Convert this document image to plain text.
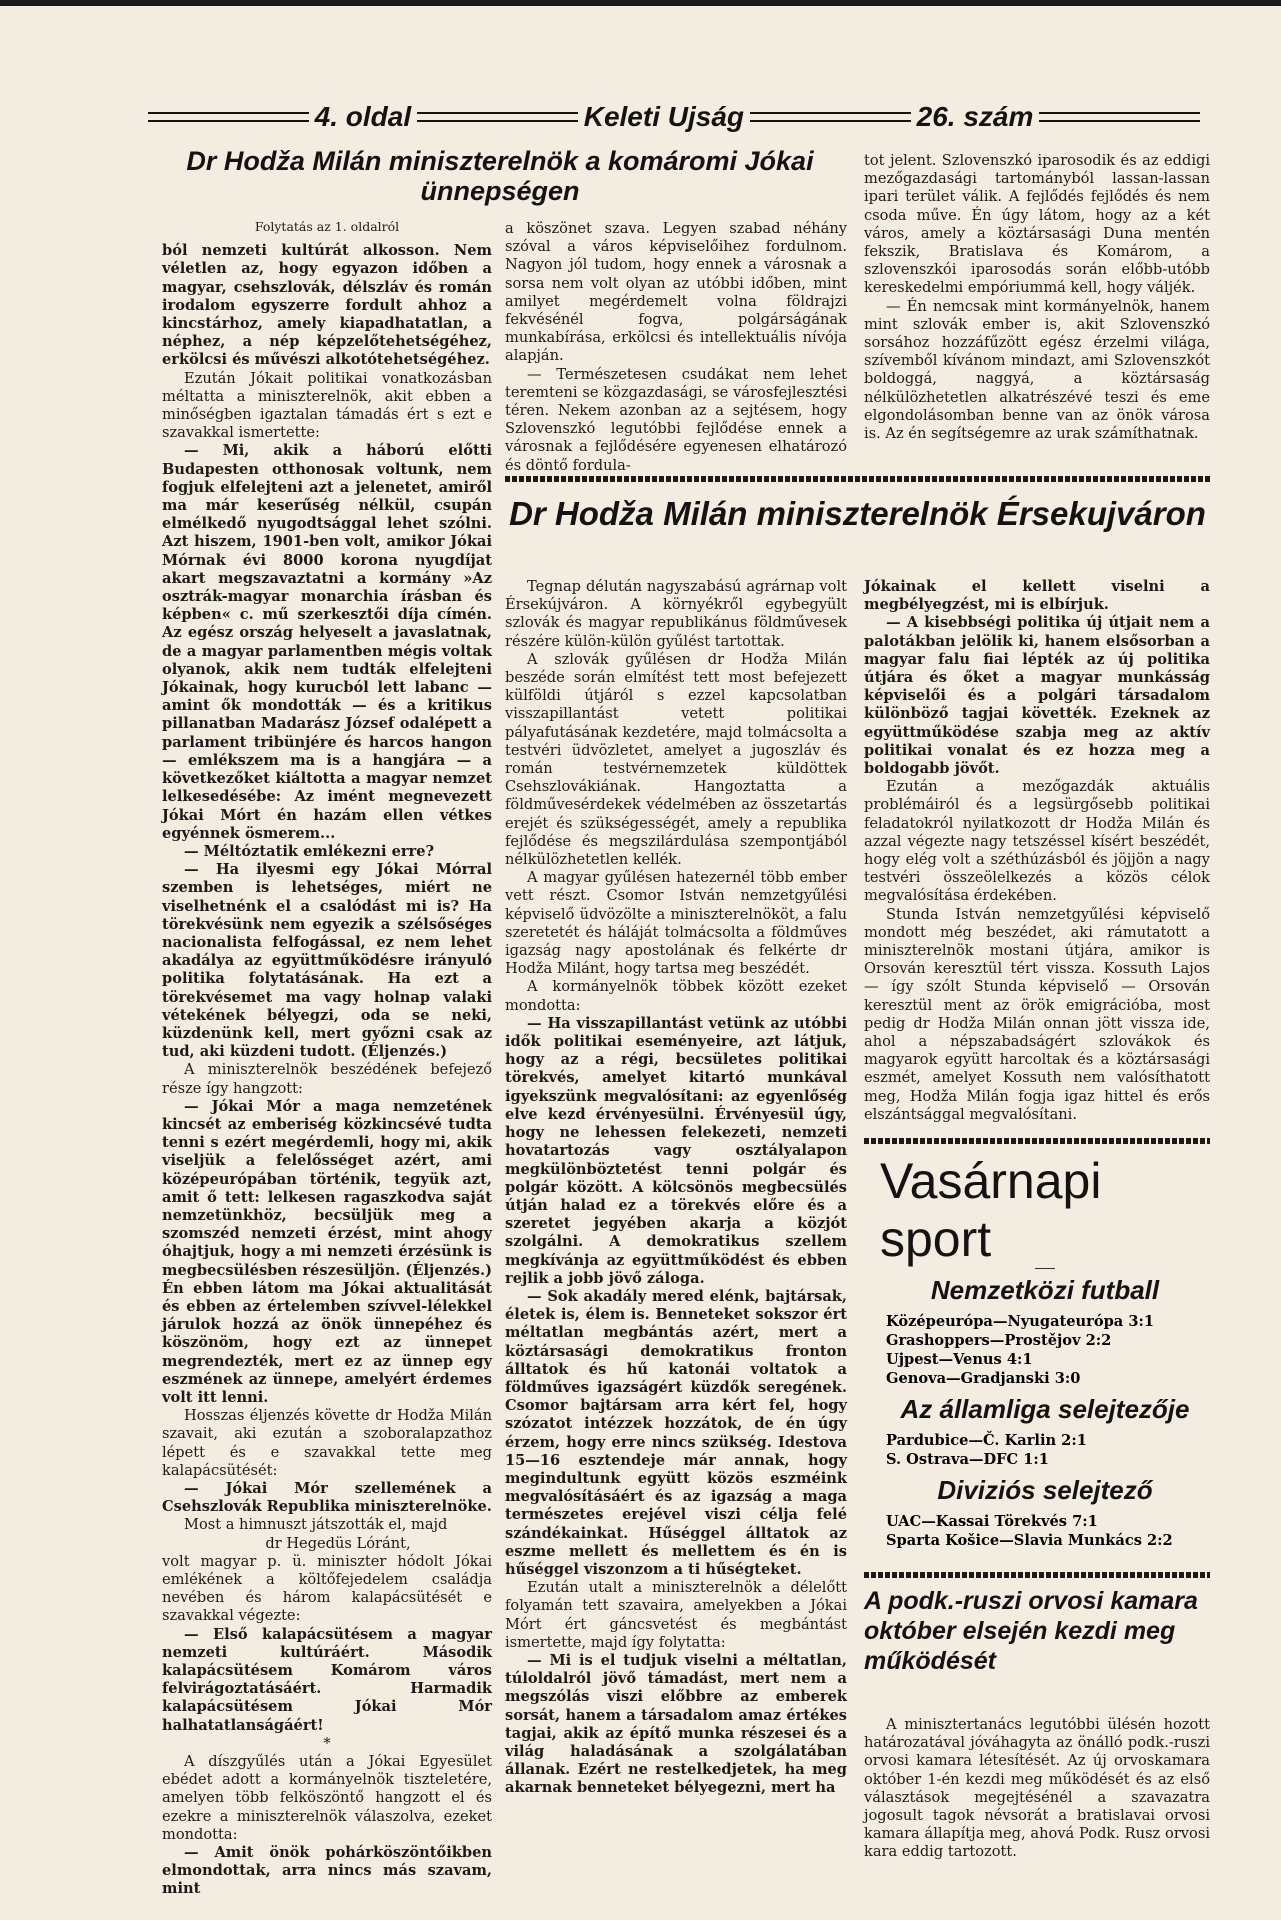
4. oldal	Keleti Ujság	26. szám
Dr Hodža Milán miniszterelnök a komáromi Jókai ünnepségen
Folytatás az 1. oldalról

ból nemzeti kultúrát alkosson. Nem véletlen az, hogy egyazon időben a magyar, csehszlovák, délszláv és román irodalom egyszerre fordult ahhoz a kincstárhoz, amely kiapadhatatlan, a néphez, a nép képzelőtehetségéhez, erkölcsi és művészi alkotótehetségéhez.

Ezután Jókait politikai vonatkozásban méltatta a miniszterelnök, akit ebben a minőségben igaztalan támadás ért s ezt e szavakkal ismertette:

— Mi, akik a háború előtti Budapesten otthonosak voltunk, nem fogjuk elfelejteni azt a jelenetet, amiről ma már keserűség nélkül, csupán elmélkedő nyugodtsággal lehet szólni. Azt hiszem, 1901-ben volt, amikor Jókai Mórnak évi 8000 korona nyugdíjat akart megszavaztatni a kormány »Az osztrák-magyar monarchia írásban és képben« c. mű szerkesztői díja címén. Az egész ország helyeselt a javaslatnak, de a magyar parlamentben mégis voltak olyanok, akik nem tudták elfelejteni Jókainak, hogy kurucból lett labanc — amint ők mondották — és a kritikus pillanatban Madarász József odalépett a parlament tribünjére és harcos hangon — emlékszem ma is a hangjára — a következőket kiáltotta a magyar nemzet lelkesedésébe: Az imént megnevezett Jókai Mórt én hazám ellen vétkes egyénnek ösmerem...

— Méltóztatik emlékezni erre?

— Ha ilyesmi egy Jókai Mórral szemben is lehetséges, miért ne viselhetnénk el a csalódást mi is? Ha törekvésünk nem egyezik a szélsőséges nacionalista felfogással, ez nem lehet akadálya az együttműködésre irányuló politika folytatásának. Ha ezt a törekvésemet ma vagy holnap valaki vétekének bélyegzi, oda se neki, küzdenünk kell, mert győzni csak az tud, aki küzdeni tudott. (Éljenzés.)

A miniszterelnök beszédének befejező része így hangzott:

— Jókai Mór a maga nemzetének kincsét az emberiség közkincsévé tudta tenni s ezért megérdemli, hogy mi, akik viseljük a felelősséget azért, ami középeurópában történik, tegyük azt, amit ő tett: lelkesen ragaszkodva saját nemzetünkhöz, becsüljük meg a szomszéd nemzeti érzést, mint ahogy óhajtjuk, hogy a mi nemzeti érzésünk is megbecsülésben részesüljön. (Éljenzés.) Én ebben látom ma Jókai aktualitását és ebben az értelemben szívvel-lélekkel járulok hozzá az önök ünnepéhez és köszönöm, hogy ezt az ünnepet megrendezték, mert ez az ünnep egy eszmének az ünnepe, amelyért érdemes volt itt lenni.

Hosszas éljenzés követte dr Hodža Milán szavait, aki ezután a szoboralapzathoz lépett és e szavakkal tette meg kalapácsütését:

— Jókai Mór szellemének a Csehszlovák Republika miniszterelnöke.

Most a himnuszt játszották el, majd

dr Hegedüs Lóránt,

volt magyar p. ü. miniszter hódolt Jókai emlékének a költőfejedelem családja nevében és három kalapácsütését e szavakkal végezte:

— Első kalapácsütésem a magyar nemzeti kultúráért. Második kalapácsütésem Komárom város felvirágoztatásáért. Harmadik kalapácsütésem Jókai Mór halhatatlanságáért!

*

A díszgyűlés után a Jókai Egyesület ebédet adott a kormányelnök tiszteletére, amelyen több felköszöntő hangzott el és ezekre a miniszterelnök válaszolva, ezeket mondotta:

— Amit önök pohárköszöntőikben elmondottak, arra nincs más szavam, mint

a köszönet szava. Legyen szabad néhány szóval a város képviselőihez fordulnom. Nagyon jól tudom, hogy ennek a városnak a sorsa nem volt olyan az utóbbi időben, mint amilyet megérdemelt volna földrajzi fekvésénél fogva, polgárságának munkabírása, erkölcsi és intellektuális nívója alapján.

— Természetesen csudákat nem lehet teremteni se közgazdasági, se városfejlesztési téren. Nekem azonban az a sejtésem, hogy Szlovenszkó legutóbbi fejlődése ennek a városnak a fejlődésére egyenesen elhatározó és döntő fordula-

tot jelent. Szlovenszkó iparosodik és az eddigi mezőgazdasági tartományból lassan-lassan ipari terület válik. A fejlődés fejlődés és nem csoda műve. Én úgy látom, hogy az a két város, amely a köztársasági Duna mentén fekszik, Bratislava és Komárom, a szlovenszkói iparosodás során előbb-utóbb kereskedelmi empóriummá kell, hogy váljék.

— Én nemcsak mint kormányelnök, hanem mint szlovák ember is, akit Szlovenszkó sorsához hozzáfűzött egész érzelmi világa, szívemből kívánom mindazt, ami Szlovenszkót boldoggá, naggyá, a köztársaság nélkülözhetetlen alkatrészévé teszi és eme elgondolásomban benne van az önök városa is. Az én segítségemre az urak számíthatnak.

Dr Hodža Milán miniszterelnök Érsekujváron

Tegnap délután nagyszabású agrárnap volt Érsekújváron. A környékről egybegyült szlovák és magyar republikánus földművesek részére külön-külön gyűlést tartottak.

A szlovák gyűlésen dr Hodža Milán beszéde során elmítést tett most befejezett külföldi útjáról s ezzel kapcsolatban visszapillantást vetett politikai pályafutásának kezdetére, majd tolmácsolta a testvéri üdvözletet, amelyet a jugoszláv és román testvérnemzetek küldöttek Csehszlovákiának. Hangoztatta a földművesérdekek védelmében az összetartás erejét és szükségességét, amely a republika fejlődése és megszilárdulása szempontjából nélkülözhetetlen kellék.

A magyar gyűlésen hatezernél több ember vett részt. Csomor István nemzetgyűlési képviselő üdvözölte a miniszterelnököt, a falu szeretetét és háláját tolmácsolta a földműves igazság nagy apostolának és felkérte dr Hodža Milánt, hogy tartsa meg beszédét.

A kormányelnök többek között ezeket mondotta:

— Ha visszapillantást vetünk az utóbbi idők politikai eseményeire, azt látjuk, hogy az a régi, becsületes politikai törekvés, amelyet kitartó munkával igyekszünk megvalósítani: az egyenlőség elve kezd érvényesülni. Érvényesül úgy, hogy ne lehessen felekezeti, nemzeti hovatartozás vagy osztályalapon megkülönböztetést tenni polgár és polgár között. A kölcsönös megbecsülés útján halad ez a törekvés előre és a szeretet jegyében akarja a közjót szolgálni. A demokratikus szellem megkívánja az együttműködést és ebben rejlik a jobb jövő záloga.

— Sok akadály mered elénk, bajtársak, életek is, élem is. Benneteket sokszor ért méltatlan megbántás azért, mert a köztársasági demokratikus fronton álltatok és hű katonái voltatok a földműves igazságért küzdők seregének. Csomor bajtársam arra kért fel, hogy szózatot intézzek hozzátok, de én úgy érzem, hogy erre nincs szükség. Idestova 15—16 esztendeje már annak, hogy megindultunk együtt közös eszméink megvalósításáért és az igazság a maga természetes erejével viszi célja felé szándékainkat. Hűséggel álltatok az eszme mellett és mellettem és én is hűséggel viszonzom a ti hűségteket.

Ezután utalt a miniszterelnök a délelőtt folyamán tett szavaira, amelyekben a Jókai Mórt ért gáncsvetést és megbántást ismertette, majd így folytatta:

— Mi is el tudjuk viselni a méltatlan, túloldalról jövő támadást, mert nem a megszólás viszi előbbre az emberek sorsát, hanem a társadalom amaz értékes tagjai, akik az építő munka részesei és a világ haladásának a szolgálatában állanak. Ezért ne restelkedjetek, ha meg akarnak benneteket bélyegezni, mert ha

Jókainak el kellett viselni a megbélyegzést, mi is elbírjuk.

— A kisebbségi politika új útjait nem a palotákban jelölik ki, hanem elsősorban a magyar falu fiai lépték az új politika útjára és őket a magyar munkásság képviselői és a polgári társadalom különböző tagjai követték. Ezeknek az együttműködése szabja meg az aktív politikai vonalat és ez hozza meg a boldogabb jövőt.

Ezután a mezőgazdák aktuális problémáiról és a legsürgősebb politikai feladatokról nyilatkozott dr Hodža Milán és azzal végezte nagy tetszéssel kísért beszédét, hogy elég volt a széthúzásból és jöjjön a nagy testvéri összeölelkezés a közös célok megvalósítása érdekében.

Stunda István nemzetgyűlési képviselő mondott még beszédet, aki rámutatott a miniszterelnök mostani útjára, amikor is Orsován keresztül tért vissza. Kossuth Lajos — így szólt Stunda képviselő — Orsován keresztül ment az örök emigrációba, most pedig dr Hodža Milán onnan jött vissza ide, ahol a népszabadságért szlovákok és magyarok együtt harcoltak és a köztársasági eszmét, amelyet Kossuth nem valósíthatott meg, Hodža Milán fogja igaz hittel és erős elszántsággal megvalósítani.

Vasárnapi sport
Nemzetközi futball
Középeurópa—Nyugateurópa 3:1
Grashoppers—Prostějov 2:2
Ujpest—Venus 4:1
Genova—Gradjanski 3:0
Az államliga selejtezője
Pardubice—Č. Karlin 2:1
S. Ostrava—DFC 1:1
Diviziós selejtező
UAC—Kassai Törekvés 7:1
Sparta Košice—Slavia Munkács 2:2
A podk.-ruszi orvosi kamara október elsején kezdi meg működését

A minisztertanács legutóbbi ülésén hozott határozatával jóváhagyta az önálló podk.-ruszi orvosi kamara létesítését. Az új orvoskamara október 1-én kezdi meg működését és az első választások megejtésénél a szavazatra jogosult tagok névsorát a bratislavai orvosi kamara állapítja meg, ahová Podk. Rusz orvosi kara eddig tartozott.
